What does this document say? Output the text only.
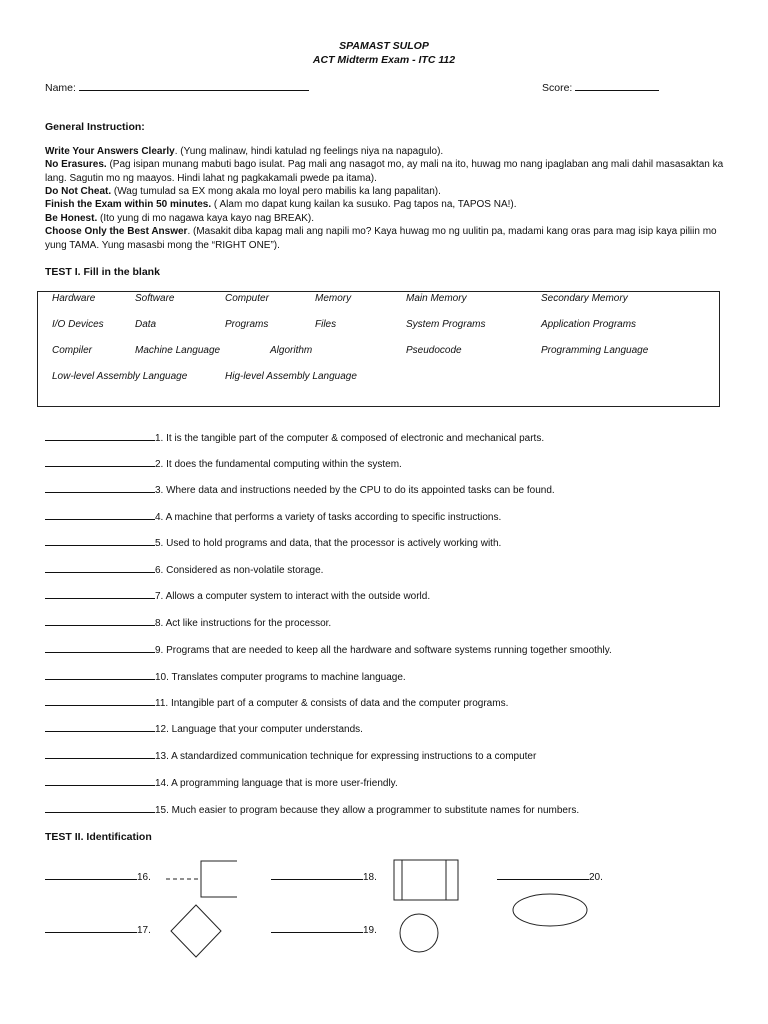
SPAMAST SULOP
ACT Midterm Exam - ITC 112
Name:	Score:
General Instruction:
Write Your Answers Clearly. (Yung malinaw, hindi katulad ng feelings niya na napagulo).
No Erasures. (Pag isipan munang mabuti bago isulat. Pag mali ang nasagot mo, ay mali na ito, huwag mo nang ipaglaban ang mali dahil masasaktan ka lang. Sagutin mo ng maayos. Hindi lahat ng pagkakamali pwede pa itama).
Do Not Cheat. (Wag tumulad sa EX mong akala mo loyal pero mabilis ka lang papalitan).
Finish the Exam within 50 minutes. ( Alam mo dapat kung kailan ka susuko. Pag tapos na, TAPOS NA!).
Be Honest. (Ito yung di mo nagawa kaya kayo nag BREAK).
Choose Only the Best Answer. (Masakit diba kapag mali ang napili mo? Kaya huwag mo ng uulitin pa, madami kang oras para mag isip kaya piliin mo yung TAMA. Yung masasbi mong the “RIGHT ONE”).
TEST I. Fill in the blank
Hardware	Software	Computer	Memory	Main Memory	Secondary Memory
I/O Devices	Data	Programs	Files	System Programs	Application Programs
Compiler	Machine Language	Algorithm	Pseudocode	Programming Language
Low-level Assembly Language	Hig-level Assembly Language
1. It is the tangible part of the computer & composed of electronic and mechanical parts.
2. It does the fundamental computing within the system.
3. Where data and instructions needed by the CPU to do its appointed tasks can be found.
4. A machine that performs a variety of tasks according to specific instructions.
5. Used to hold programs and data, that the processor is actively working with.
6. Considered as non-volatile storage.
7. Allows a computer system to interact with the outside world.
8. Act like instructions for the processor.
9. Programs that are needed to keep all the hardware and software systems running together smoothly.
10. Translates computer programs to machine language.
11. Intangible part of a computer & consists of data and the computer programs.
12. Language that your computer understands.
13. A standardized communication technique for expressing instructions to a computer
14. A programming language that is more user-friendly.
15. Much easier to program because they allow a programmer to substitute names for numbers.
TEST II. Identification
16.
17.
18.
19.
20.
